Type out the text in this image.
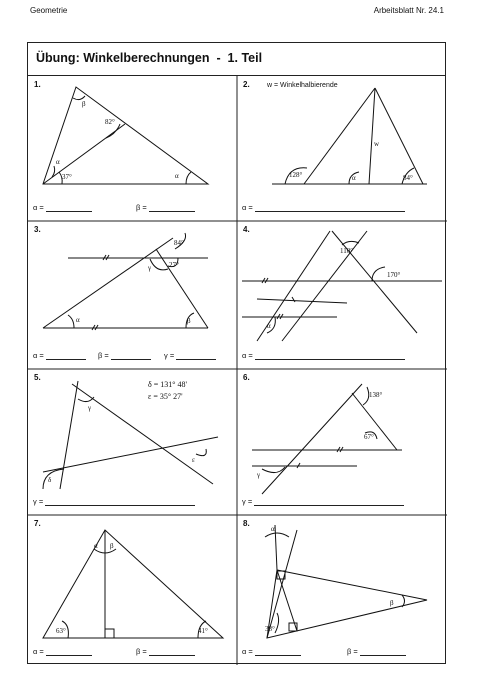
Geometrie	Arbeitsblatt Nr. 24.1
Übung: Winkelberechnungen  -  1. Teil
1.
β
82°
α
37°	α
α =	β =
2. w = Winkelhalbierende
128°
w
α	84°
α =
3.
84°
γ	27°
α	β
α =	β =	γ =
4.
110°
170°
α
α =
5.
δ = 131° 48'
ε = 35° 27'
γ
δ
ε
γ =
6.
138°
67°
γ
γ =
7.
α β
63°	41°
α =	β =
8.
α
β
38°
α =	β =
